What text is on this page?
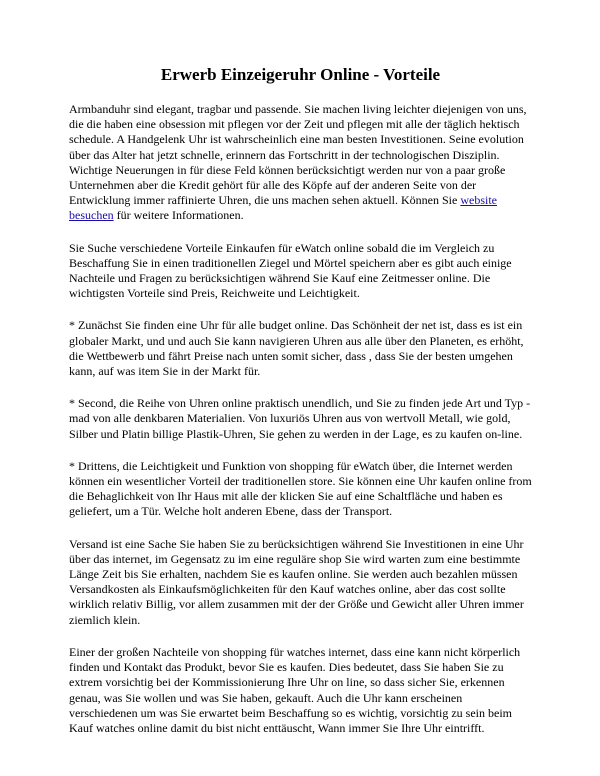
Erwerb Einzeigeruhr Online - Vorteile

Armbanduhr sind elegant, tragbar und passende. Sie machen living leichter diejenigen von uns, die die haben eine obsession mit pflegen vor der Zeit und pflegen mit alle der täglich hektisch schedule. A Handgelenk Uhr ist wahrscheinlich eine man besten Investitionen. Seine evolution über das Alter hat jetzt schnelle, erinnern das Fortschritt in der technologischen Disziplin. Wichtige Neuerungen in für diese Feld können berücksichtigt werden nur von a paar große Unternehmen aber die Kredit gehört für alle des Köpfe auf der anderen Seite von der Entwicklung immer raffinierte Uhren, die uns machen sehen aktuell. Können Sie website besuchen für weitere Informationen.

Sie Suche verschiedene Vorteile Einkaufen für eWatch online sobald die im Vergleich zu Beschaffung Sie in einen traditionellen Ziegel und Mörtel speichern aber es gibt auch einige Nachteile und Fragen zu berücksichtigen während Sie Kauf eine Zeitmesser online. Die wichtigsten Vorteile sind Preis, Reichweite und Leichtigkeit.

* Zunächst Sie finden eine Uhr für alle budget online. Das Schönheit der net ist, dass es ist ein globaler Markt, und und auch Sie kann navigieren Uhren aus alle über den Planeten, es erhöht, die Wettbewerb und fährt Preise nach unten somit sicher, dass , dass Sie der besten umgehen kann, auf was item Sie in der Markt für.

* Second, die Reihe von Uhren online praktisch unendlich, und Sie zu finden jede Art und Typ - mad von alle denkbaren Materialien. Von luxuriös Uhren aus von wertvoll Metall, wie gold, Silber und Platin billige Plastik-Uhren, Sie gehen zu werden in der Lage, es zu kaufen on-line.

* Drittens, die Leichtigkeit und Funktion von shopping für eWatch über, die Internet werden können ein wesentlicher Vorteil der traditionellen store. Sie können eine Uhr kaufen online from die Behaglichkeit von Ihr Haus mit alle der klicken Sie auf eine Schaltfläche und haben es geliefert, um a Tür. Welche holt anderen Ebene, dass der Transport.

Versand ist eine Sache Sie haben Sie zu berücksichtigen während Sie Investitionen in eine Uhr über das internet, im Gegensatz zu im eine reguläre shop Sie wird warten zum eine bestimmte Länge Zeit bis Sie erhalten, nachdem Sie es kaufen online. Sie werden auch bezahlen müssen Versandkosten als Einkaufsmöglichkeiten für den Kauf watches online, aber das cost sollte wirklich relativ Billig, vor allem zusammen mit der der Größe und Gewicht aller Uhren immer ziemlich klein.

Einer der großen Nachteile von shopping für watches internet, dass eine kann nicht körperlich finden und Kontakt das Produkt, bevor Sie es kaufen. Dies bedeutet, dass Sie haben Sie zu extrem vorsichtig bei der Kommissionierung Ihre Uhr on line, so dass sicher Sie, erkennen genau, was Sie wollen und was Sie haben, gekauft. Auch die Uhr kann erscheinen verschiedenen um was Sie erwartet beim Beschaffung so es wichtig, vorsichtig zu sein beim Kauf watches online damit du bist nicht enttäuscht, Wann immer Sie Ihre Uhr eintrifft.
